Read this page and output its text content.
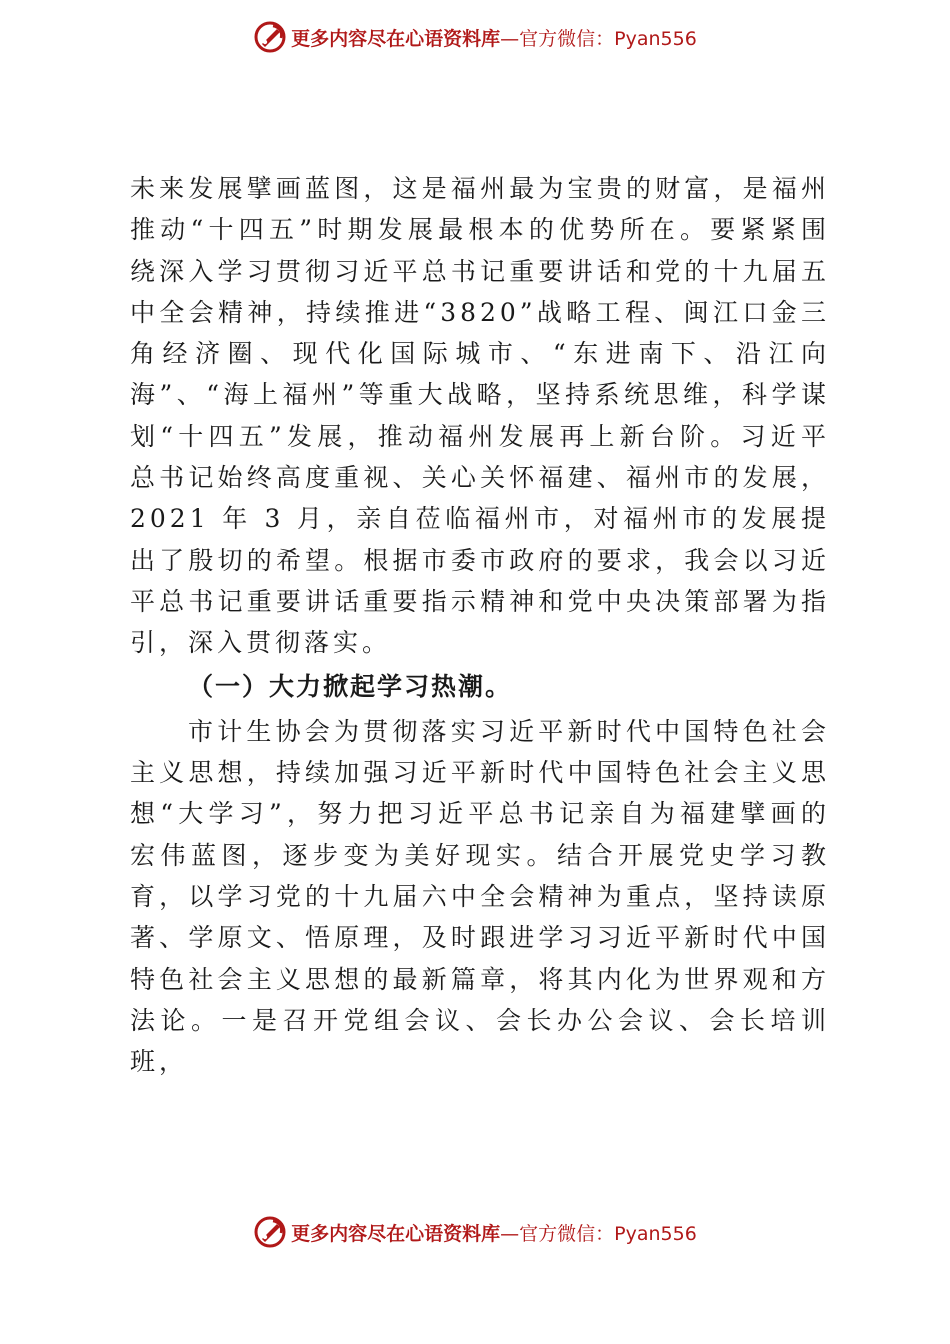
更多内容尽在心语资料库—官方微信：Pyan556

未来发展擘画蓝图，这是福州最为宝贵的财富，是福州推动“十四五”时期发展最根本的优势所在。要紧紧围绕深入学习贯彻习近平总书记重要讲话和党的十九届五中全会精神，持续推进“3820”战略工程、闽江口金三角经济圈、现代化国际城市、“东进南下、沿江向海”、“海上福州”等重大战略，坚持系统思维，科学谋划“十四五”发展，推动福州发展再上新台阶。习近平总书记始终高度重视、关心关怀福建、福州市的发展，2021 年 3 月，亲自莅临福州市，对福州市的发展提出了殷切的希望。根据市委市政府的要求，我会以习近平总书记重要讲话重要指示精神和党中央决策部署为指引，深入贯彻落实。

（一）大力掀起学习热潮。

市计生协会为贯彻落实习近平新时代中国特色社会主义思想，持续加强习近平新时代中国特色社会主义思想“大学习”，努力把习近平总书记亲自为福建擘画的宏伟蓝图，逐步变为美好现实。结合开展党史学习教育，以学习党的十九届六中全会精神为重点，坚持读原著、学原文、悟原理，及时跟进学习习近平新时代中国特色社会主义思想的最新篇章，将其内化为世界观和方法论。一是召开党组会议、会长办公会议、会长培训班，

更多内容尽在心语资料库—官方微信：Pyan556
